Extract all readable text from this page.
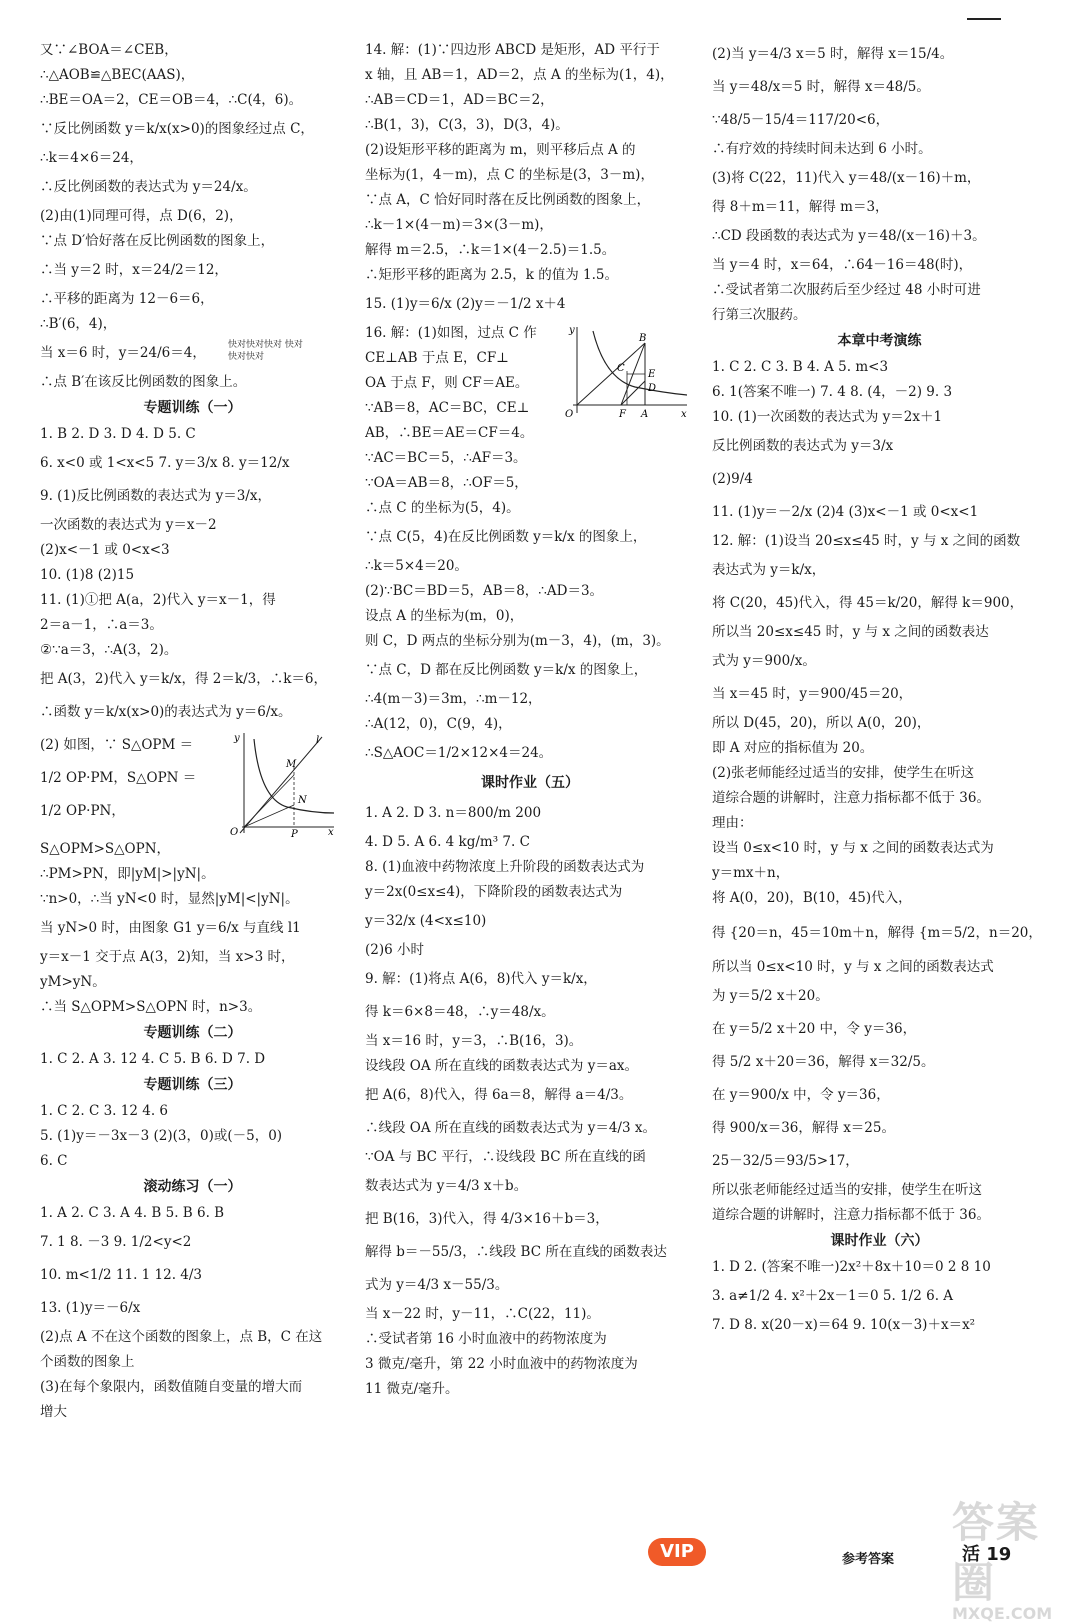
又∵∠BOA＝∠CEB，
∴△AOB≌△BEC(AAS)，
∴BE＝OA＝2，CE＝OB＝4，∴C(4，6)。
∵反比例函数 y＝k/x(x>0)的图象经过点 C，
∴k＝4×6＝24，
∴反比例函数的表达式为 y＝24/x。
(2)由(1)同理可得，点 D(6，2)，
∵点 D′恰好落在反比例函数的图象上，
∴当 y＝2 时，x＝24/2＝12，
∴平移的距离为 12－6＝6，
∴B′(6，4)，
当 x＝6 时，y＝24/6＝4， 快对快对快对 快对快对快对
∴点 B′在该反比例函数的图象上。
专题训练（一）
1. B 2. D 3. D 4. D 5. C
6. x<0 或 1<x<5 7. y＝3/x 8. y＝12/x
9. (1)反比例函数的表达式为 y＝3/x，
一次函数的表达式为 y＝x－2
(2)x<－1 或 0<x<3
10. (1)8 (2)15
11. (1)①把 A(a，2)代入 y＝x－1，得
2＝a－1，∴a＝3。
②∵a＝3，∴A(3，2)。
把 A(3，2)代入 y＝k/x，得 2＝k/3，∴k＝6，
∴函数 y＝k/x(x>0)的表达式为 y＝6/x。
(2) 如图，∵ S△OPM ＝
1/2 OP·PM，S△OPN ＝
1/2 OP·PN，
y
x
O	P
M
N
l
S△OPM>S△OPN，
∴PM>PN，即|yM|>|yN|。
∵n>0，∴当 yN<0 时，显然|yM|<|yN|。
当 yN>0 时，由图象 G1 y＝6/x 与直线 l1
y＝x－1 交于点 A(3，2)知，当 x>3 时，
yM>yN。
∴当 S△OPM>S△OPN 时，n>3。
专题训练（二）
1. C 2. A 3. 12 4. C 5. B 6. D 7. D
专题训练（三）
1. C 2. C 3. 12 4. 6
5. (1)y＝－3x－3 (2)(3，0)或(－5，0)
6. C
滚动练习（一）
1. A 2. C 3. A 4. B 5. B 6. B
7. 1 8. －3 9. 1/2<y<2
10. m<1/2 11. 1 12. 4/3
13. (1)y＝－6/x
(2)点 A 不在这个函数的图象上，点 B，C 在这
个函数的图象上
(3)在每个象限内，函数值随自变量的增大而
增大
14. 解：(1)∵四边形 ABCD 是矩形，AD 平行于
x 轴，且 AB＝1，AD＝2，点 A 的坐标为(1，4)，
∴AB＝CD＝1，AD＝BC＝2，
∴B(1，3)，C(3，3)，D(3，4)。
(2)设矩形平移的距离为 m，则平移后点 A 的
坐标为(1，4－m)，点 C 的坐标是(3，3－m)，
∵点 A，C 恰好同时落在反比例函数的图象上，
∴k－1×(4－m)＝3×(3－m)，
解得 m＝2.5，∴k＝1×(4－2.5)＝1.5。
∴矩形平移的距离为 2.5，k 的值为 1.5。
15. (1)y＝6/x (2)y＝－1/2 x＋4
16. 解：(1)如图，过点 C 作
CE⊥AB 于点 E，CF⊥
OA 于点 F，则 CF＝AE。
∵AB＝8，AC＝BC，CE⊥
AB，∴BE＝AE＝CF＝4。
∵AC＝BC＝5，∴AF＝3。
∵OA＝AB＝8，∴OF＝5，
∴点 C 的坐标为(5，4)。
y
x
O	F A
B
C
E
D
∵点 C(5，4)在反比例函数 y＝k/x 的图象上，
∴k＝5×4＝20。
(2)∵BC＝BD＝5，AB＝8，∴AD＝3。
设点 A 的坐标为(m，0)，
则 C，D 两点的坐标分别为(m－3，4)，(m，3)。
∵点 C，D 都在反比例函数 y＝k/x 的图象上，
∴4(m－3)＝3m，∴m－12，
∴A(12，0)，C(9，4)，
∴S△AOC＝1/2×12×4＝24。
课时作业（五）
1. A 2. D 3. n＝800/m 200
4. D 5. A 6. 4 kg/m³ 7. C
8. (1)血液中药物浓度上升阶段的函数表达式为
y＝2x(0≤x≤4)，下降阶段的函数表达式为
y＝32/x (4<x≤10)
(2)6 小时
9. 解：(1)将点 A(6，8)代入 y＝k/x，
得 k＝6×8＝48，∴y＝48/x。
当 x＝16 时，y＝3，∴B(16，3)。
设线段 OA 所在直线的函数表达式为 y＝ax。
把 A(6，8)代入，得 6a＝8，解得 a＝4/3。
∴线段 OA 所在直线的函数表达式为 y＝4/3 x。
∵OA 与 BC 平行，∴设线段 BC 所在直线的函
数表达式为 y＝4/3 x＋b。
把 B(16，3)代入，得 4/3×16＋b＝3，
解得 b＝－55/3，∴线段 BC 所在直线的函数表达
式为 y＝4/3 x－55/3。
当 x－22 时，y－11，∴C(22，11)。
∴受试者第 16 小时血液中的药物浓度为
3 微克/毫升，第 22 小时血液中的药物浓度为
11 微克/毫升。
(2)当 y＝4/3 x＝5 时，解得 x＝15/4。
当 y＝48/x＝5 时，解得 x＝48/5。
∵48/5－15/4＝117/20<6，
∴有疗效的持续时间未达到 6 小时。
(3)将 C(22，11)代入 y＝48/(x－16)＋m，
得 8＋m＝11，解得 m＝3，
∴CD 段函数的表达式为 y＝48/(x－16)＋3。
当 y＝4 时，x＝64，∴64－16＝48(时)，
∴受试者第二次服药后至少经过 48 小时可进
行第三次服药。
本章中考演练
1. C 2. C 3. B 4. A 5. m<3
6. 1(答案不唯一) 7. 4 8. (4，－2) 9. 3
10. (1)一次函数的表达式为 y＝2x＋1
反比例函数的表达式为 y＝3/x
(2)9/4
11. (1)y＝－2/x (2)4 (3)x<－1 或 0<x<1
12. 解：(1)设当 20≤x≤45 时，y 与 x 之间的函数
表达式为 y＝k/x，
将 C(20，45)代入，得 45＝k/20，解得 k＝900，
所以当 20≤x≤45 时，y 与 x 之间的函数表达
式为 y＝900/x。
当 x＝45 时，y＝900/45＝20，
所以 D(45，20)，所以 A(0，20)，
即 A 对应的指标值为 20。
(2)张老师能经过适当的安排，使学生在听这
道综合题的讲解时，注意力指标都不低于 36。
理由：
设当 0≤x<10 时，y 与 x 之间的函数表达式为
y＝mx＋n，
将 A(0，20)，B(10，45)代入，
得 {20＝n，45＝10m＋n，解得 {m＝5/2，n＝20，
所以当 0≤x<10 时，y 与 x 之间的函数表达式
为 y＝5/2 x＋20。
在 y＝5/2 x＋20 中，令 y＝36，
得 5/2 x＋20＝36，解得 x＝32/5。
在 y＝900/x 中，令 y＝36，
得 900/x＝36，解得 x＝25。
25－32/5＝93/5>17，
所以张老师能经过适当的安排，使学生在听这
道综合题的讲解时，注意力指标都不低于 36。
课时作业（六）
1. D 2. (答案不唯一)2x²＋8x＋10＝0 2 8 10
3. a≠1/2 4. x²＋2x－1＝0 5. 1/2 6. A
7. D 8. x(20－x)＝64 9. 10(x－3)＋x＝x²
VIP	参考答案	活 19
答案圈
MXQE.COM
